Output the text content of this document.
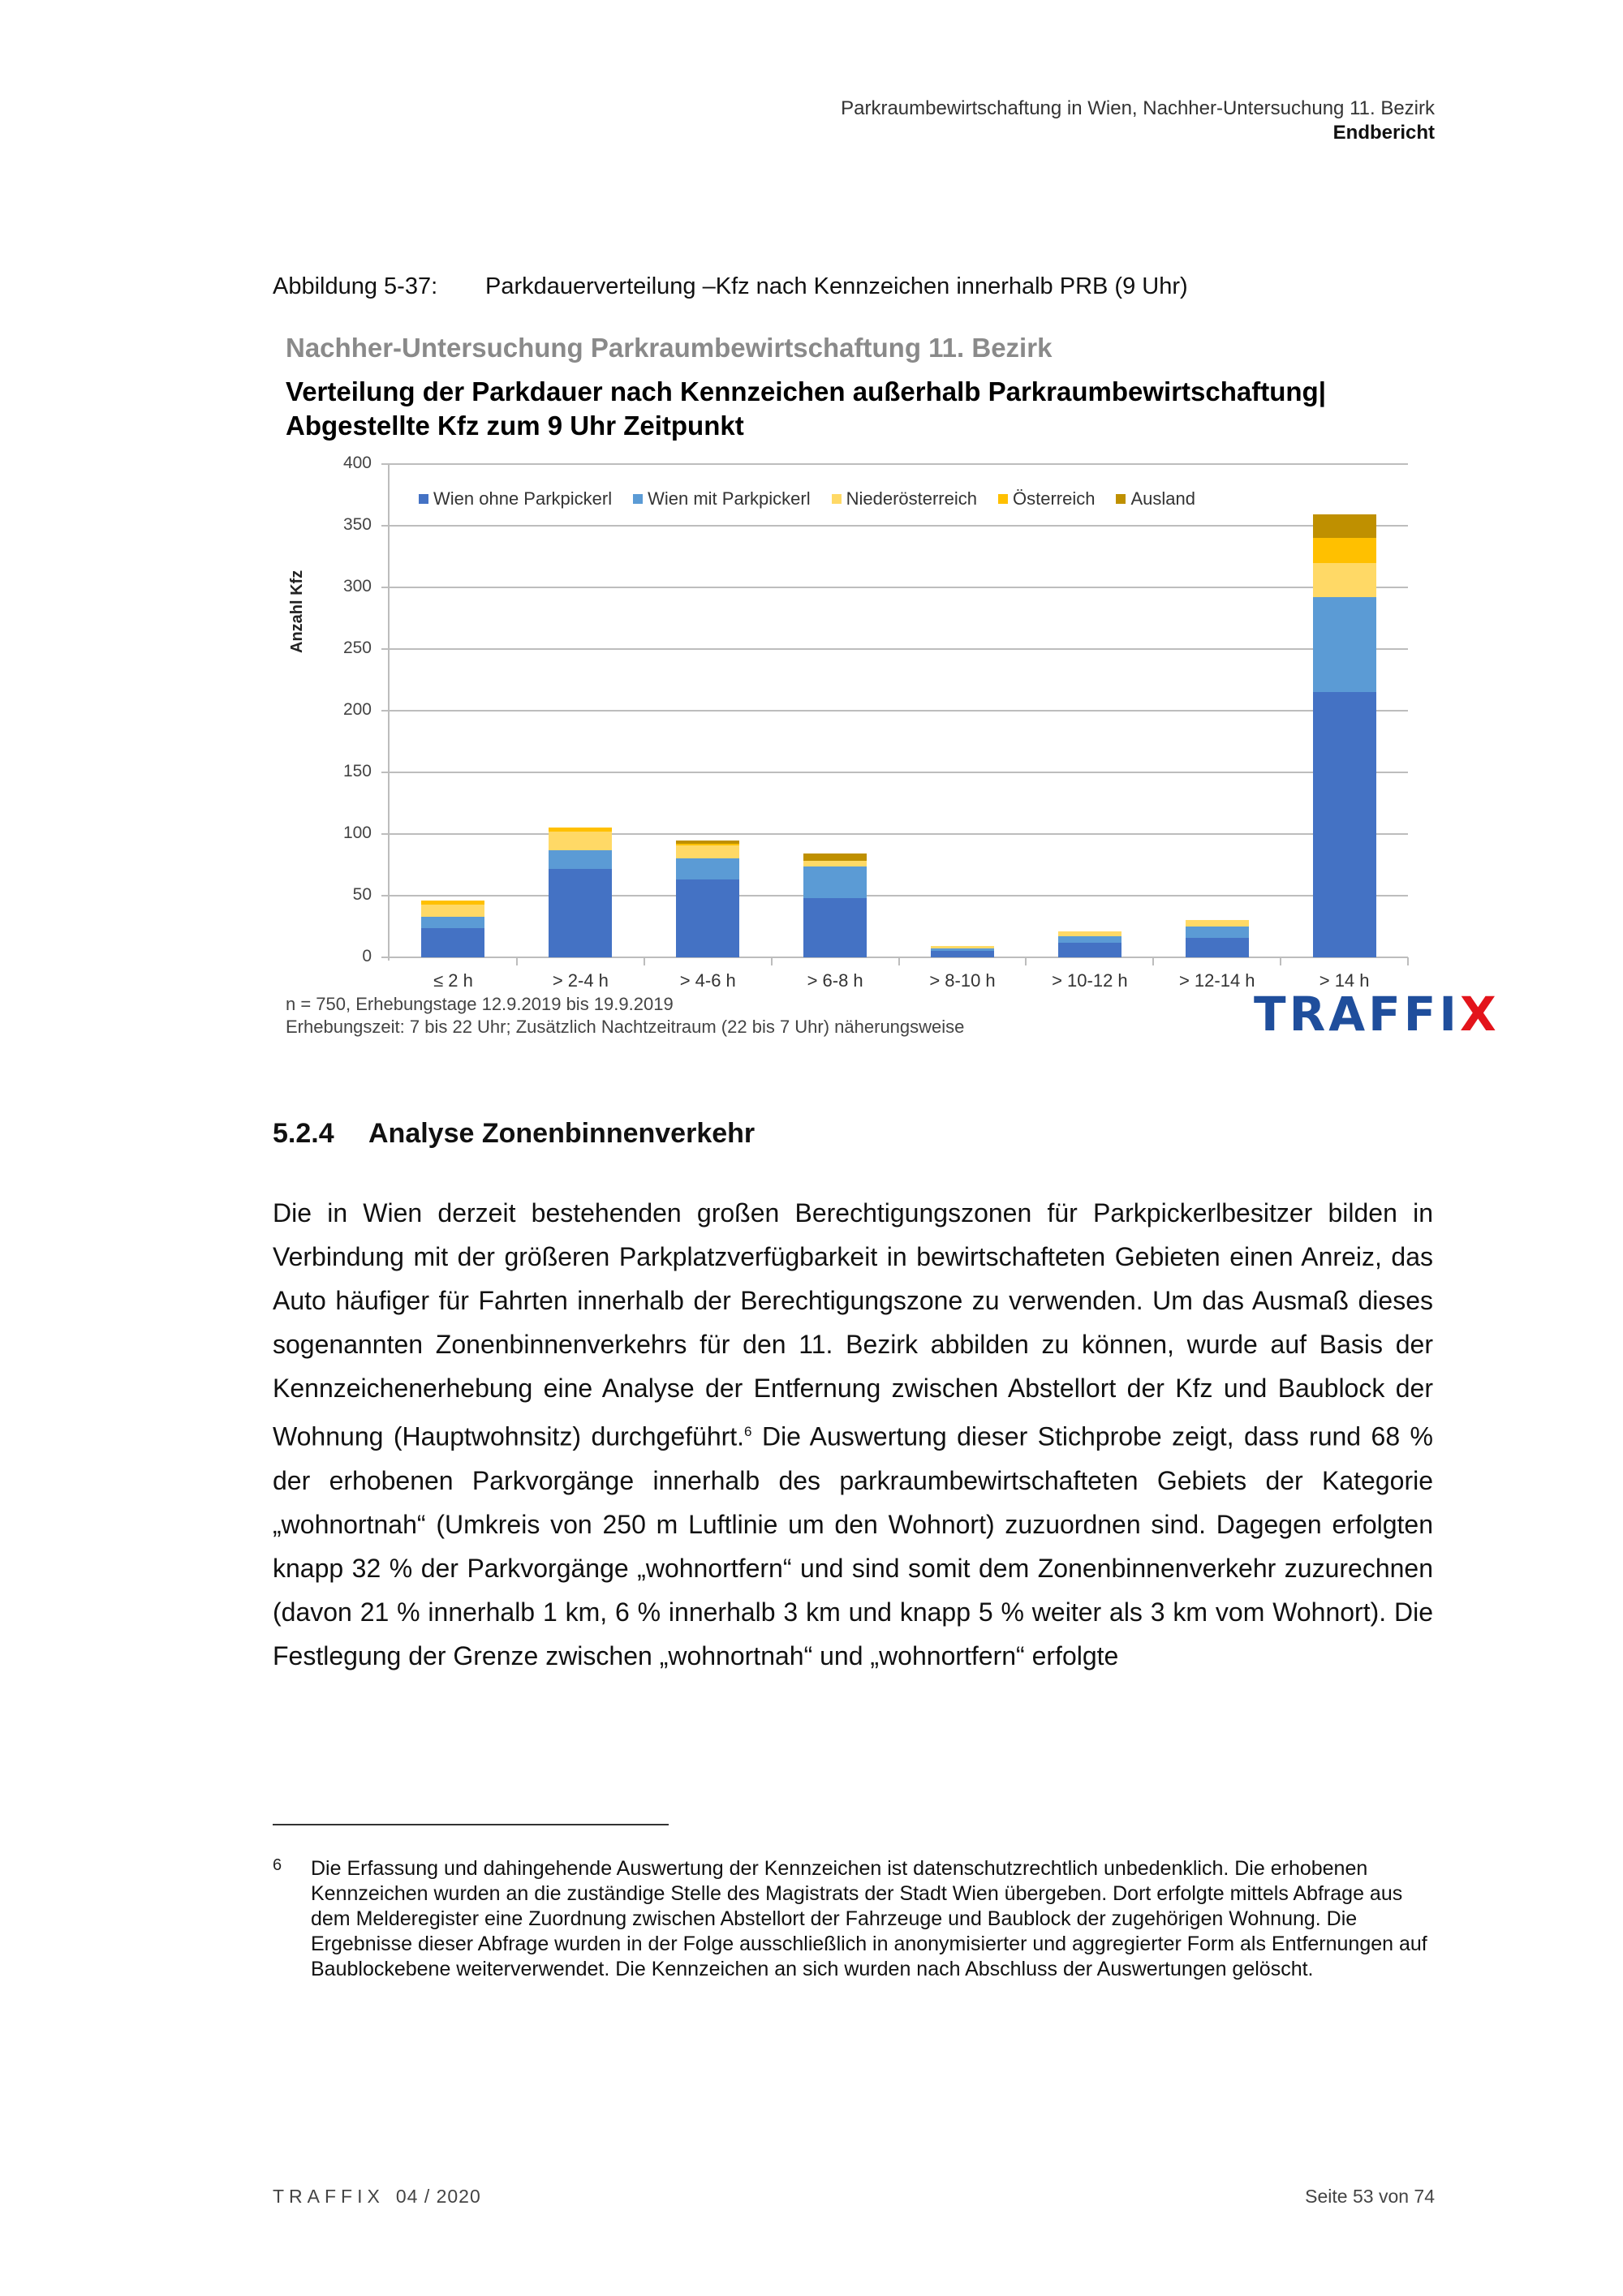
Parkraumbewirtschaftung in Wien, Nachher-Untersuchung 11. Bezirk
Endbericht
Abbildung 5-37: Parkdauerverteilung –Kfz nach Kennzeichen innerhalb PRB (9 Uhr)
Nachher-Untersuchung Parkraumbewirtschaftung 11. Bezirk
Verteilung der Parkdauer nach Kennzeichen außerhalb Parkraumbewirtschaftung|
Abgestellte Kfz zum 9 Uhr Zeitpunkt
Anzahl Kfz
0
50
100
150
200
250
300
350
400
≤ 2 h	> 2-4 h	> 4-6 h	> 6-8 h	> 8-10 h	> 10-12 h	> 12-14 h	> 14 h
Wien ohne Parkpickerl Wien mit Parkpickerl Niederösterreich Österreich Ausland
n = 750, Erhebungstage 12.9.2019 bis 19.9.2019
Erhebungszeit: 7 bis 22 Uhr; Zusätzlich Nachtzeitraum (22 bis 7 Uhr) näherungsweise	TRAFFIX
5.2.4 Analyse Zonenbinnenverkehr
Die in Wien derzeit bestehenden großen Berechtigungszonen für Parkpickerlbesitzer bilden in Verbindung mit der größeren Parkplatzverfügbarkeit in bewirtschafteten Gebieten einen Anreiz, das Auto häufiger für Fahrten innerhalb der Berechtigungszone zu verwenden. Um das Ausmaß dieses sogenannten Zonenbinnenverkehrs für den 11. Bezirk abbilden zu können, wurde auf Basis der Kennzeichenerhebung eine Analyse der Entfernung zwischen Abstellort der Kfz und Baublock der Wohnung (Hauptwohnsitz) durchgeführt.$^6$ Die Auswertung dieser Stichprobe zeigt, dass rund 68 % der erhobenen Parkvorgänge innerhalb des parkraumbewirtschafteten Gebiets der Kategorie „wohnortnah“ (Umkreis von 250 m Luftlinie um den Wohnort) zuzuordnen sind. Dagegen erfolgten knapp 32 % der Parkvorgänge „wohnortfern“ und sind somit dem Zonenbinnenverkehr zuzurechnen (davon 21 % innerhalb 1 km, 6 % innerhalb 3 km und knapp 5 % weiter als 3 km vom Wohnort). Die Festlegung der Grenze zwischen „wohnortnah“ und „wohnortfern“ erfolgte
6 Die Erfassung und dahingehende Auswertung der Kennzeichen ist datenschutzrechtlich unbedenklich. Die erhobenen Kennzeichen wurden an die zuständige Stelle des Magistrats der Stadt Wien übergeben. Dort erfolgte mittels Abfrage aus dem Melderegister eine Zuordnung zwischen Abstellort der Fahrzeuge und Baublock der zugehörigen Wohnung. Die Ergebnisse dieser Abfrage wurden in der Folge ausschließlich in anonymisierter und aggregierter Form als Entfernungen auf Baublockebene weiterverwendet. Die Kennzeichen an sich wurden nach Abschluss der Auswertungen gelöscht.
TRAFFIX 04 / 2020	Seite 53 von 74
